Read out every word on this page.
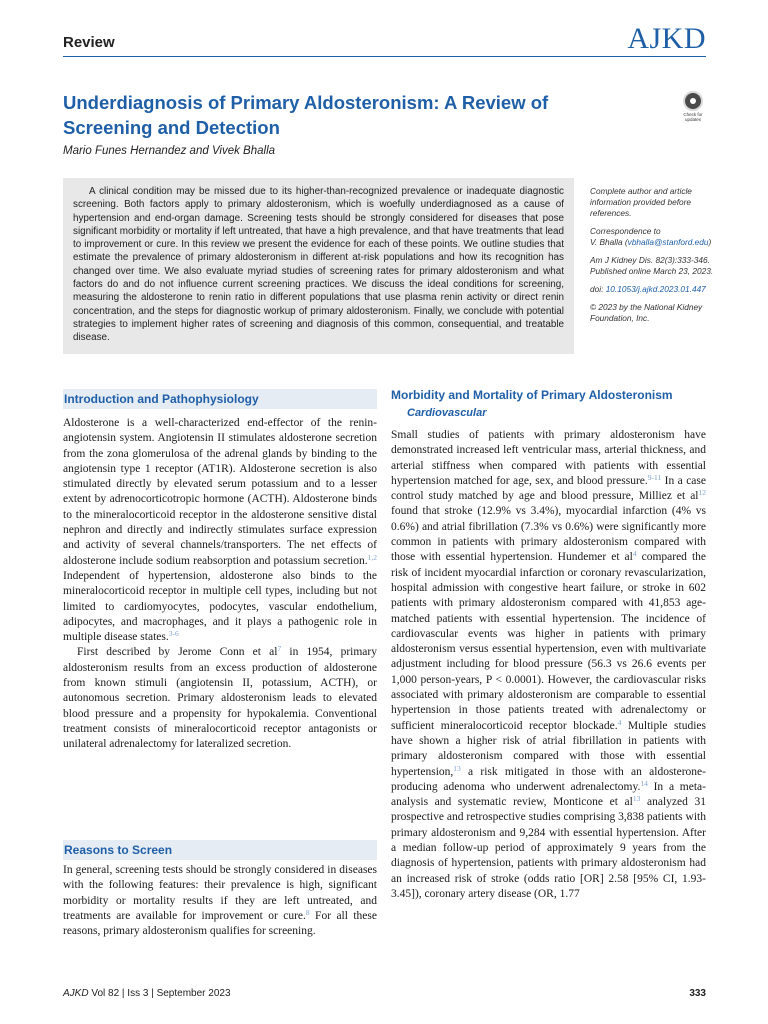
Review	AJKD
Underdiagnosis of Primary Aldosteronism: A Review of Screening and Detection
Mario Funes Hernandez and Vivek Bhalla
Check for updates
A clinical condition may be missed due to its higher-than-recognized prevalence or inadequate diagnostic screening. Both factors apply to primary aldosteronism, which is woefully underdiagnosed as a cause of hypertension and end-organ damage. Screening tests should be strongly considered for diseases that pose significant morbidity or mortality if left untreated, that have a high prevalence, and that have treatments that lead to improvement or cure. In this review we present the evidence for each of these points. We outline studies that estimate the prevalence of primary aldosteronism in different at-risk populations and how its recognition has changed over time. We also evaluate myriad studies of screening rates for primary aldosteronism and what factors do and do not influence current screening practices. We discuss the ideal conditions for screening, measuring the aldosterone to renin ratio in different populations that use plasma renin activity or direct renin concentration, and the steps for diagnostic workup of primary aldosteronism. Finally, we conclude with potential strategies to implement higher rates of screening and diagnosis of this common, consequential, and treatable disease.

Complete author and article information provided before references.

Correspondence to
V. Bhalla (vbhalla@stanford.edu)

Am J Kidney Dis. 82(3):333-346. Published online March 23, 2023.

doi: 10.1053/j.ajkd.2023.01.447

© 2023 by the National Kidney Foundation, Inc.

Introduction and Pathophysiology

Aldosterone is a well-characterized end-effector of the renin-angiotensin system. Angiotensin II stimulates aldosterone secretion from the zona glomerulosa of the adrenal glands by binding to the angiotensin type 1 receptor (AT1R). Aldosterone secretion is also stimulated directly by elevated serum potassium and to a lesser extent by adrenocorticotropic hormone (ACTH). Aldosterone binds to the mineralocorticoid receptor in the aldosterone sensitive distal nephron and directly and indirectly stimulates surface expression and activity of several channels/transporters. The net effects of aldosterone include sodium reabsorption and potassium secretion.$^{1,2}$ Independent of hypertension, aldosterone also binds to the mineralocorticoid receptor in multiple cell types, including but not limited to cardiomyocytes, podocytes, vascular endothelium, adipocytes, and macrophages, and it plays a pathogenic role in multiple disease states.$^{3-6}$

First described by Jerome Conn et al$^7$ in 1954, primary aldosteronism results from an excess production of aldosterone from known stimuli (angiotensin II, potassium, ACTH), or autonomous secretion. Primary aldosteronism leads to elevated blood pressure and a propensity for hypokalemia. Conventional treatment consists of mineralocorticoid receptor antagonists or unilateral adrenalectomy for lateralized secretion.

Reasons to Screen

In general, screening tests should be strongly considered in diseases with the following features: their prevalence is high, significant morbidity or mortality results if they are left untreated, and treatments are available for improvement or cure.$^8$ For all these reasons, primary aldosteronism qualifies for screening.

Morbidity and Mortality of Primary Aldosteronism
Cardiovascular

Small studies of patients with primary aldosteronism have demonstrated increased left ventricular mass, arterial thickness, and arterial stiffness when compared with patients with essential hypertension matched for age, sex, and blood pressure.$^{9-11}$ In a case control study matched by age and blood pressure, Milliez et al$^{12}$ found that stroke (12.9% vs 3.4%), myocardial infarction (4% vs 0.6%) and atrial fibrillation (7.3% vs 0.6%) were significantly more common in patients with primary aldosteronism compared with those with essential hypertension. Hundemer et al$^4$ compared the risk of incident myocardial infarction or coronary revascularization, hospital admission with congestive heart failure, or stroke in 602 patients with primary aldosteronism compared with 41,853 age-matched patients with essential hypertension. The incidence of cardiovascular events was higher in patients with primary aldosteronism versus essential hypertension, even with multivariate adjustment including for blood pressure (56.3 vs 26.6 events per 1,000 person-years, P < 0.0001). However, the cardiovascular risks associated with primary aldosteronism are comparable to essential hypertension in those patients treated with adrenalectomy or sufficient mineralocorticoid receptor blockade.$^4$ Multiple studies have shown a higher risk of atrial fibrillation in patients with primary aldosteronism compared with those with essential hypertension,$^{13}$ a risk mitigated in those with an aldosterone-producing adenoma who underwent adrenalectomy.$^{14}$ In a meta-analysis and systematic review, Monticone et al$^{13}$ analyzed 31 prospective and retrospective studies comprising 3,838 patients with primary aldosteronism and 9,284 with essential hypertension. After a median follow-up period of approximately 9 years from the diagnosis of hypertension, patients with primary aldosteronism had an increased risk of stroke (odds ratio [OR] 2.58 [95% CI, 1.93-3.45]), coronary artery disease (OR, 1.77

AJKD Vol 82 | Iss 3 | September 2023	333
